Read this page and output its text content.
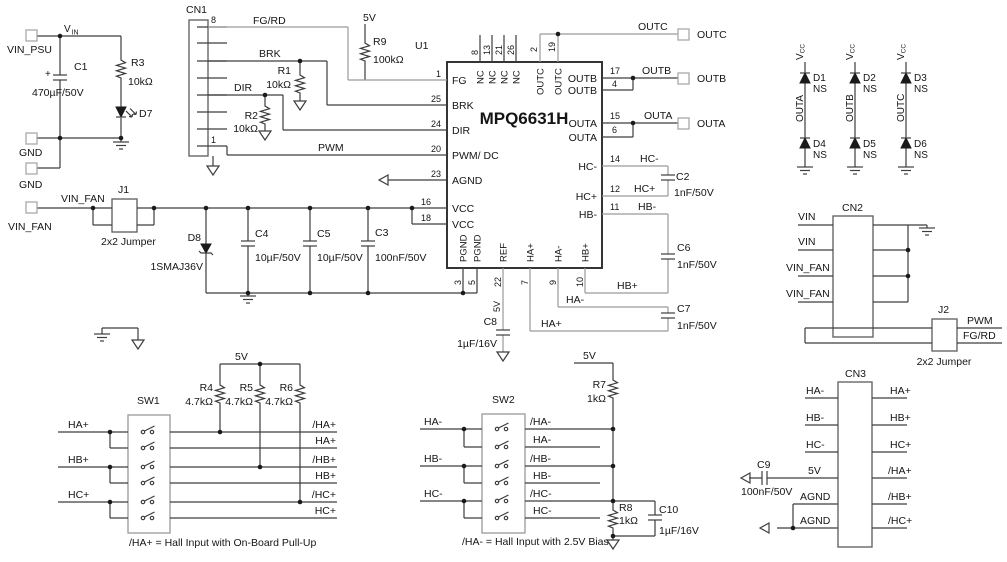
VIN_PSU
V IN
+
C1
470µF/50V
R3
10kΩ
D7
GND
GND
CN1
8
1
FG/RD
BRK
DIR
PWM
R1
10kΩ
R2
10kΩ
5V
R9
100kΩ
U1
MPQ6631H
1
25
24
20
23
16
18
FG
BRK
DIR
PWM/ DC
AGND
VCC
VCC
8 13 21 26 2 19
NC NC NC NC OUTC OUTC	17
4
15
6
14
12
11
OUTB
OUTB
OUTA
OUTA
HC-
HC+
HB-
3 5 22 7 9 10
PGND PGND REF HA+ HA- HB+
OUTC
OUTB
OUTA
OUTC
OUTB
OUTA
HC-
HC+
HB-
HB+
HA-
HA+
C2
1nF/50V
C6
1nF/50V
C7
1nF/50V
5V
C8
1µF/16V
VIN_FAN
VIN_FAN
J1
2x2 Jumper	D8
1SMAJ36V
C4
10µF/50V
C5
10µF/50V
C3
100nF/50V
SW1
5V
R4
4.7kΩ
R5
4.7kΩ
R6
4.7kΩ
HA+
HB+
HC+
/HA+
HA+
/HB+
HB+
/HC+
HC+
/HA+ = Hall Input with On-Board Pull-Up
SW2
5V
R7
1kΩ
R8
1kΩ
C10
1µF/16V
HA-
HB-
HC-
/HA-
HA-
/HB-
HB-
/HC-
HC-
/HA- = Hall Input with 2.5V Bias
VCC
VCC
VCC
OUTA	OUTB	OUTC
D1	D2	D3
D4	D5	D6
NS	NS	NS
NS	NS	NS
CN2
VIN
VIN
VIN_FAN
VIN_FAN
J2
2x2 Jumper
PWM
FG/RD
CN3
HA-
HB-
HC-
5V
AGND
AGND
HA+
HB+
HC+
/HA+
/HB+
/HC+
C9
100nF/50V
